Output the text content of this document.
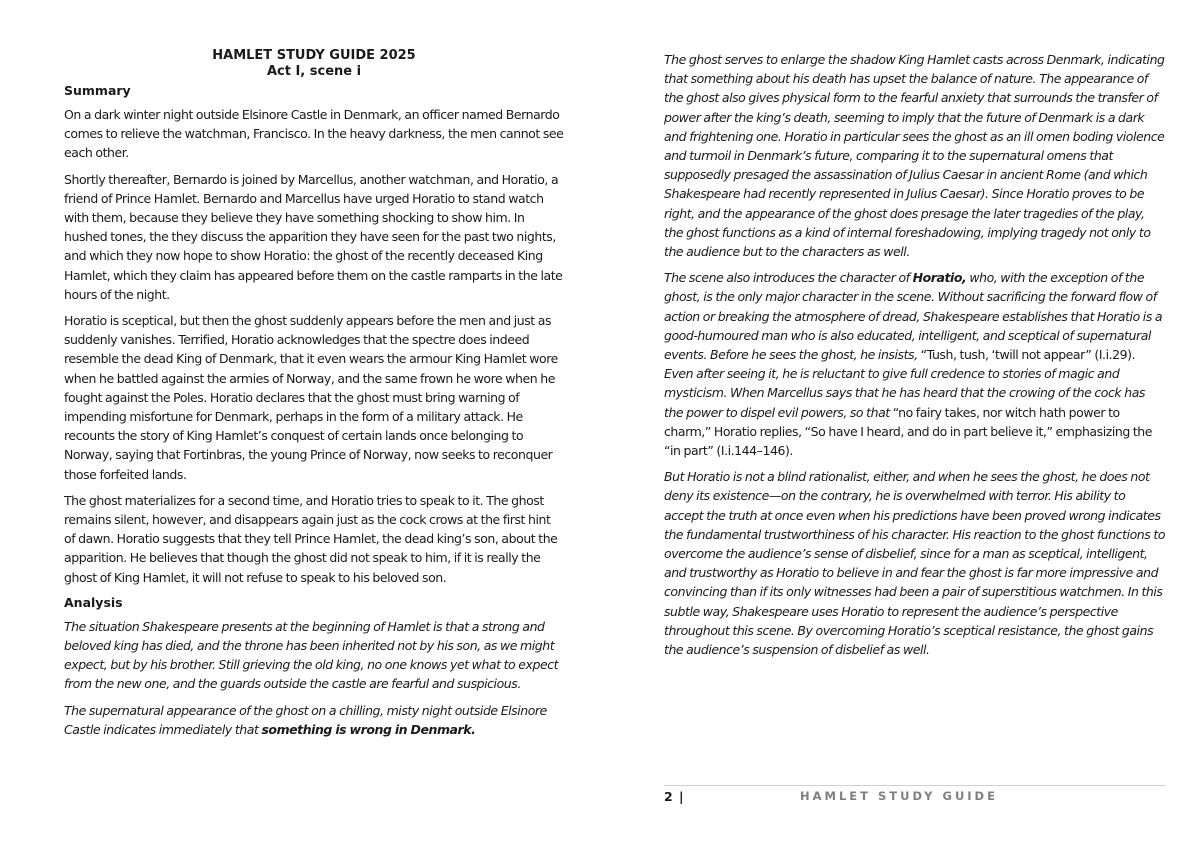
HAMLET STUDY GUIDE 2025

Act I, scene i

Summary

On a dark winter night outside Elsinore Castle in Denmark, an officer named Bernardo comes to relieve the watchman, Francisco. In the heavy darkness, the men cannot see each other.

Shortly thereafter, Bernardo is joined by Marcellus, another watchman, and Horatio, a friend of Prince Hamlet. Bernardo and Marcellus have urged Horatio to stand watch with them, because they believe they have something shocking to show him. In hushed tones, the they discuss the apparition they have seen for the past two nights, and which they now hope to show Horatio: the ghost of the recently deceased King Hamlet, which they claim has appeared before them on the castle ramparts in the late hours of the night.

Horatio is sceptical, but then the ghost suddenly appears before the men and just as suddenly vanishes. Terrified, Horatio acknowledges that the spectre does indeed resemble the dead King of Denmark, that it even wears the armour King Hamlet wore when he battled against the armies of Norway, and the same frown he wore when he fought against the Poles. Horatio declares that the ghost must bring warning of impending misfortune for Denmark, perhaps in the form of a military attack. He recounts the story of King Hamlet’s conquest of certain lands once belonging to Norway, saying that Fortinbras, the young Prince of Norway, now seeks to reconquer those forfeited lands.

The ghost materializes for a second time, and Horatio tries to speak to it. The ghost remains silent, however, and disappears again just as the cock crows at the first hint of dawn. Horatio suggests that they tell Prince Hamlet, the dead king’s son, about the apparition. He believes that though the ghost did not speak to him, if it is really the ghost of King Hamlet, it will not refuse to speak to his beloved son.

Analysis

The situation Shakespeare presents at the beginning of Hamlet is that a strong and beloved king has died, and the throne has been inherited not by his son, as we might expect, but by his brother. Still grieving the old king, no one knows yet what to expect from the new one, and the guards outside the castle are fearful and suspicious.

The supernatural appearance of the ghost on a chilling, misty night outside Elsinore Castle indicates immediately that something is wrong in Denmark.

The ghost serves to enlarge the shadow King Hamlet casts across Denmark, indicating that something about his death has upset the balance of nature. The appearance of the ghost also gives physical form to the fearful anxiety that surrounds the transfer of power after the king’s death, seeming to imply that the future of Denmark is a dark and frightening one. Horatio in particular sees the ghost as an ill omen boding violence and turmoil in Denmark’s future, comparing it to the supernatural omens that supposedly presaged the assassination of Julius Caesar in ancient Rome (and which Shakespeare had recently represented in Julius Caesar). Since Horatio proves to be right, and the appearance of the ghost does presage the later tragedies of the play, the ghost functions as a kind of internal foreshadowing, implying tragedy not only to the audience but to the characters as well.

The scene also introduces the character of Horatio, who, with the exception of the ghost, is the only major character in the scene. Without sacrificing the forward flow of action or breaking the atmosphere of dread, Shakespeare establishes that Horatio is a good-humoured man who is also educated, intelligent, and sceptical of supernatural events. Before he sees the ghost, he insists, “Tush, tush, ‘twill not appear” (I.i.29). Even after seeing it, he is reluctant to give full credence to stories of magic and mysticism. When Marcellus says that he has heard that the crowing of the cock has the power to dispel evil powers, so that “no fairy takes, nor witch hath power to charm,” Horatio replies, “So have I heard, and do in part believe it,” emphasizing the “in part” (I.i.144–146).

But Horatio is not a blind rationalist, either, and when he sees the ghost, he does not deny its existence—on the contrary, he is overwhelmed with terror. His ability to accept the truth at once even when his predictions have been proved wrong indicates the fundamental trustworthiness of his character. His reaction to the ghost functions to overcome the audience’s sense of disbelief, since for a man as sceptical, intelligent, and trustworthy as Horatio to believe in and fear the ghost is far more impressive and convincing than if its only witnesses had been a pair of superstitious watchmen. In this subtle way, Shakespeare uses Horatio to represent the audience’s perspective throughout this scene. By overcoming Horatio’s sceptical resistance, the ghost gains the audience’s suspension of disbelief as well.

2 |	HAMLET STUDY GUIDE
